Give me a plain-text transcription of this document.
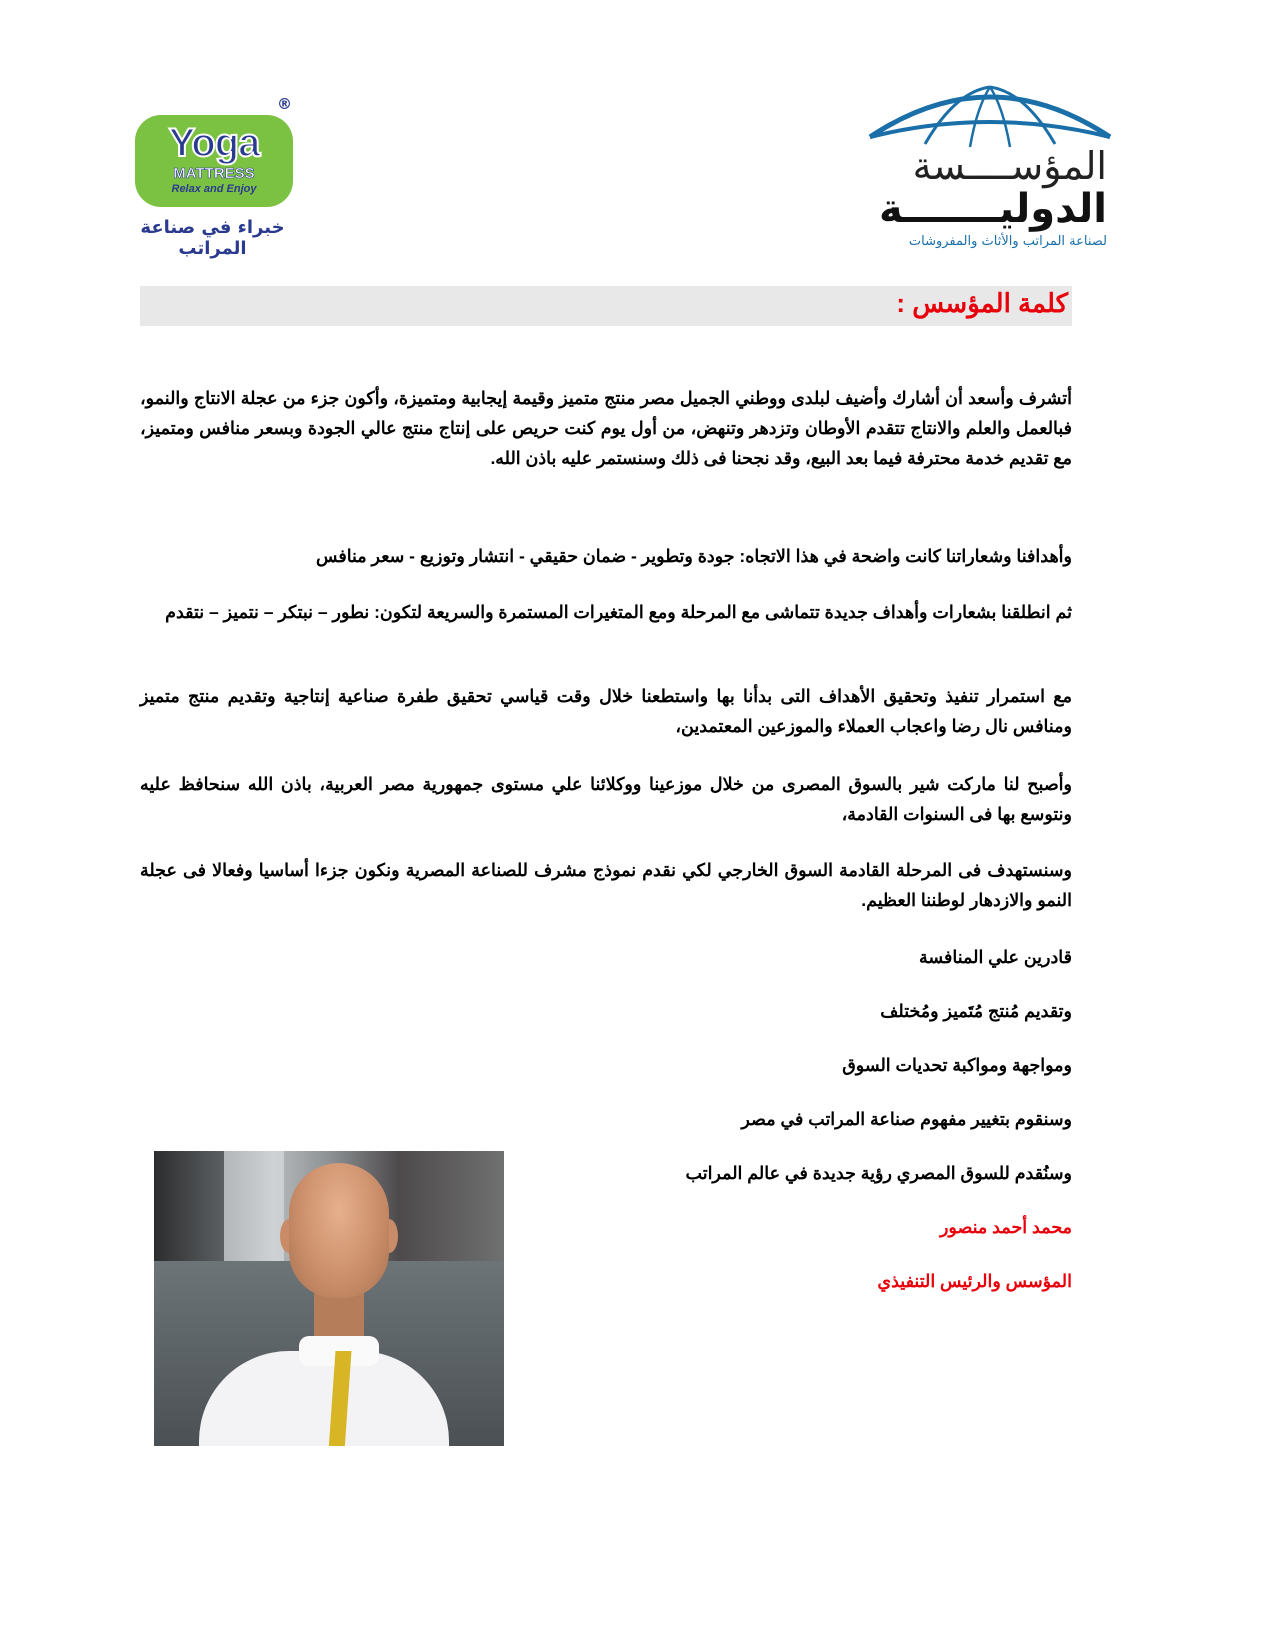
Yoga
MATTRESS
Relax and Enjoy
®
خبراء في صناعة المراتب
المؤســــسة
الدوليـــــــة
لصناعة المراتب والأثاث والمفروشات
كلمة المؤسس :
أتشرف وأسعد أن أشارك وأضيف لبلدى ووطني الجميل مصر منتج متميز وقيمة إيجابية ومتميزة، وأكون جزء من عجلة الانتاج والنمو، فبالعمل والعلم والانتاج تتقدم الأوطان وتزدهر وتنهض، من أول يوم كنت حريص على إنتاج منتج عالي الجودة وبسعر منافس ومتميز، مع تقديم خدمة محترفة فيما بعد البيع، وقد نجحنا فى ذلك وسنستمر عليه باذن الله.
وأهدافنا وشعاراتنا كانت واضحة في هذا الاتجاه: جودة وتطوير - ضمان حقيقي - انتشار وتوزيع - سعر منافس
ثم انطلقنا بشعارات وأهداف جديدة تتماشى مع المرحلة ومع المتغيرات المستمرة والسريعة لتكون: نطور – نبتكر – نتميز – نتقدم
مع استمرار تنفيذ وتحقيق الأهداف التى بدأنا بها واستطعنا خلال وقت قياسي تحقيق طفرة صناعية إنتاجية وتقديم منتج متميز ومنافس نال رضا واعجاب العملاء والموزعين المعتمدين،
وأصبح لنا ماركت شير بالسوق المصرى من خلال موزعينا ووكلائنا علي مستوى جمهورية مصر العربية، باذن الله سنحافظ عليه ونتوسع بها فى السنوات القادمة،
وسنستهدف فى المرحلة القادمة السوق الخارجي لكي نقدم نموذج مشرف للصناعة المصرية ونكون جزءا أساسيا وفعالا فى عجلة النمو والازدهار لوطننا العظيم.
قادرين علي المنافسة
وتقديم مُنتج مُتَميز ومُختلف
ومواجهة ومواكبة تحديات السوق
وسنقوم بتغيير مفهوم صناعة المراتب في مصر
وسنُقدم للسوق المصري رؤية جديدة في عالم المراتب
محمد أحمد منصور
المؤسس والرئيس التنفيذي
